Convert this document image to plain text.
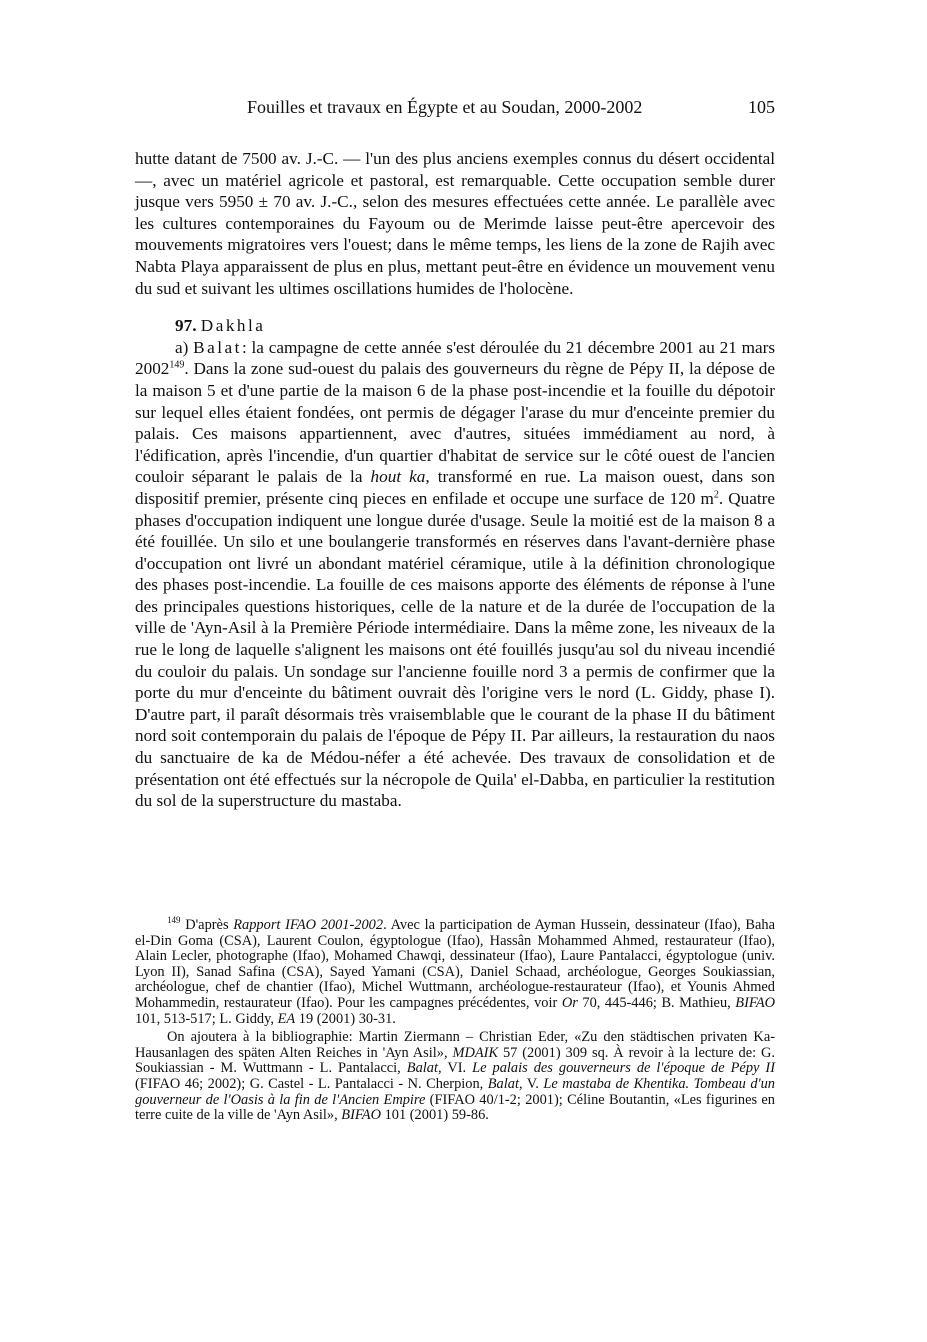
Fouilles et travaux en Égypte et au Soudan, 2000-2002	105

hutte datant de 7500 av. J.-C. — l'un des plus anciens exemples connus du désert occidental —, avec un matériel agricole et pastoral, est remarquable. Cette occupation semble durer jusque vers 5950 ± 70 av. J.-C., selon des mesures effectuées cette année. Le parallèle avec les cultures contemporaines du Fayoum ou de Merimde laisse peut-être apercevoir des mouvements migratoires vers l'ouest; dans le même temps, les liens de la zone de Rajih avec Nabta Playa apparaissent de plus en plus, mettant peut-être en évidence un mouvement venu du sud et suivant les ultimes oscillations humides de l'holocène.

97. Dakhla

a) Balat: la campagne de cette année s'est déroulée du 21 décembre 2001 au 21 mars 2002$^{149}$. Dans la zone sud-ouest du palais des gouverneurs du règne de Pépy II, la dépose de la maison 5 et d'une partie de la maison 6 de la phase post-incendie et la fouille du dépotoir sur lequel elles étaient fondées, ont permis de dégager l'arase du mur d'enceinte premier du palais. Ces maisons appartiennent, avec d'autres, situées immédiament au nord, à l'édification, après l'incendie, d'un quartier d'habitat de service sur le côté ouest de l'ancien couloir séparant le palais de la hout ka, transformé en rue. La maison ouest, dans son dispositif premier, présente cinq pieces en enfilade et occupe une surface de 120 $m^2$. Quatre phases d'occupation indiquent une longue durée d'usage. Seule la moitié est de la maison 8 a été fouillée. Un silo et une boulangerie transformés en réserves dans l'avant-dernière phase d'occupation ont livré un abondant matériel céramique, utile à la définition chronologique des phases post-incendie. La fouille de ces maisons apporte des éléments de réponse à l'une des principales questions historiques, celle de la nature et de la durée de l'occupation de la ville de 'Ayn-Asil à la Première Période intermédiaire. Dans la même zone, les niveaux de la rue le long de laquelle s'alignent les maisons ont été fouillés jusqu'au sol du niveau incendié du couloir du palais. Un sondage sur l'ancienne fouille nord 3 a permis de confirmer que la porte du mur d'enceinte du bâtiment ouvrait dès l'origine vers le nord (L. Giddy, phase I). D'autre part, il paraît désormais très vraisemblable que le courant de la phase II du bâtiment nord soit contemporain du palais de l'époque de Pépy II. Par ailleurs, la restauration du naos du sanctuaire de ka de Médou-néfer a été achevée. Des travaux de consolidation et de présentation ont été effectués sur la nécropole de Quila' el-Dabba, en particulier la restitution du sol de la superstructure du mastaba.

$^{149}$ D'après Rapport IFAO 2001-2002. Avec la participation de Ayman Hussein, dessinateur (Ifao), Baha el-Din Goma (CSA), Laurent Coulon, égyptologue (Ifao), Hassân Mohammed Ahmed, restaurateur (Ifao), Alain Lecler, photographe (Ifao), Mohamed Chawqi, dessinateur (Ifao), Laure Pantalacci, égyptologue (univ. Lyon II), Sanad Safina (CSA), Sayed Yamani (CSA), Daniel Schaad, archéologue, Georges Soukiassian, archéologue, chef de chantier (Ifao), Michel Wuttmann, archéologue-restaurateur (Ifao), et Younis Ahmed Mohammedin, restaurateur (Ifao). Pour les campagnes précédentes, voir Or 70, 445-446; B. Mathieu, BIFAO 101, 513-517; L. Giddy, EA 19 (2001) 30-31.

On ajoutera à la bibliographie: Martin Ziermann – Christian Eder, «Zu den städtischen privaten Ka-Hausanlagen des späten Alten Reiches in 'Ayn Asil», MDAIK 57 (2001) 309 sq. À revoir à la lecture de: G. Soukiassian - M. Wuttmann - L. Pantalacci, Balat, VI. Le palais des gouverneurs de l'époque de Pépy II (FIFAO 46; 2002); G. Castel - L. Pantalacci - N. Cherpion, Balat, V. Le mastaba de Khentika. Tombeau d'un gouverneur de l'Oasis à la fin de l'Ancien Empire (FIFAO 40/1-2; 2001); Céline Boutantin, «Les figurines en terre cuite de la ville de 'Ayn Asil», BIFAO 101 (2001) 59-86.
